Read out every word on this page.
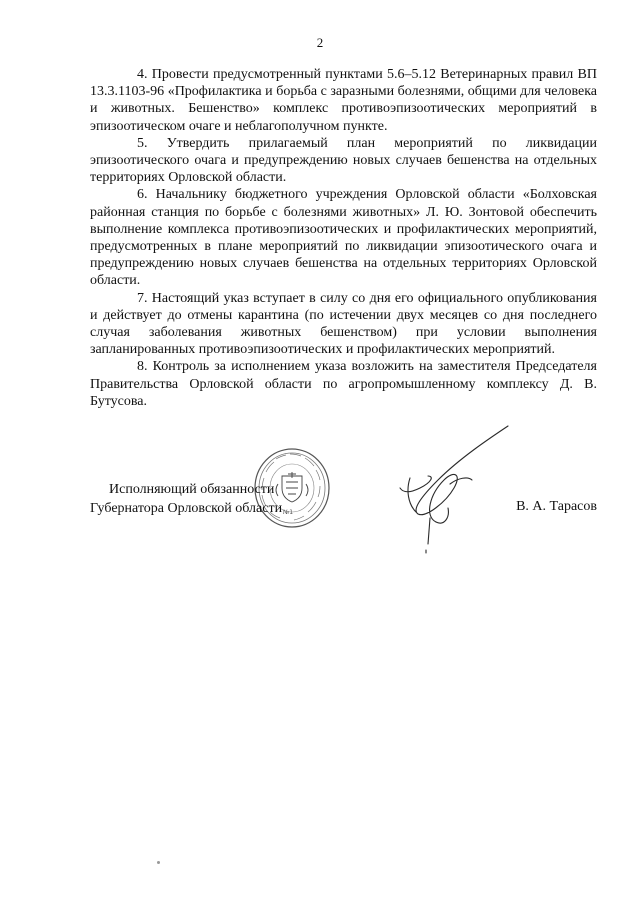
2

4. Провести предусмотренный пунктами 5.6–5.12 Ветеринарных правил ВП 13.3.1103-96 «Профилактика и борьба с заразными болезнями, общими для человека и животных. Бешенство» комплекс противоэпизоотических мероприятий в эпизоотическом очаге и неблагополучном пункте.

5. Утвердить прилагаемый план мероприятий по ликвидации эпизоотического очага и предупреждению новых случаев бешенства на отдельных территориях Орловской области.

6. Начальнику бюджетного учреждения Орловской области «Болховская районная станция по борьбе с болезнями животных» Л. Ю. Зонтовой обеспечить выполнение комплекса противоэпизоотических и профилактических мероприятий, предусмотренных в плане мероприятий по ликвидации эпизоотического очага и предупреждению новых случаев бешенства на отдельных территориях Орловской области.

7. Настоящий указ вступает в силу со дня его официального опубликования и действует до отмены карантина (по истечении двух месяцев со дня последнего случая заболевания животных бешенством) при условии выполнения запланированных противоэпизоотических и профилактических мероприятий.

8. Контроль за исполнением указа возложить на заместителя Председателя Правительства Орловской области по агропромышленному комплексу Д. В. Бутусова.

№1
Исполняющий обязанности
Губернатора Орловской области	В. А. Тарасов
